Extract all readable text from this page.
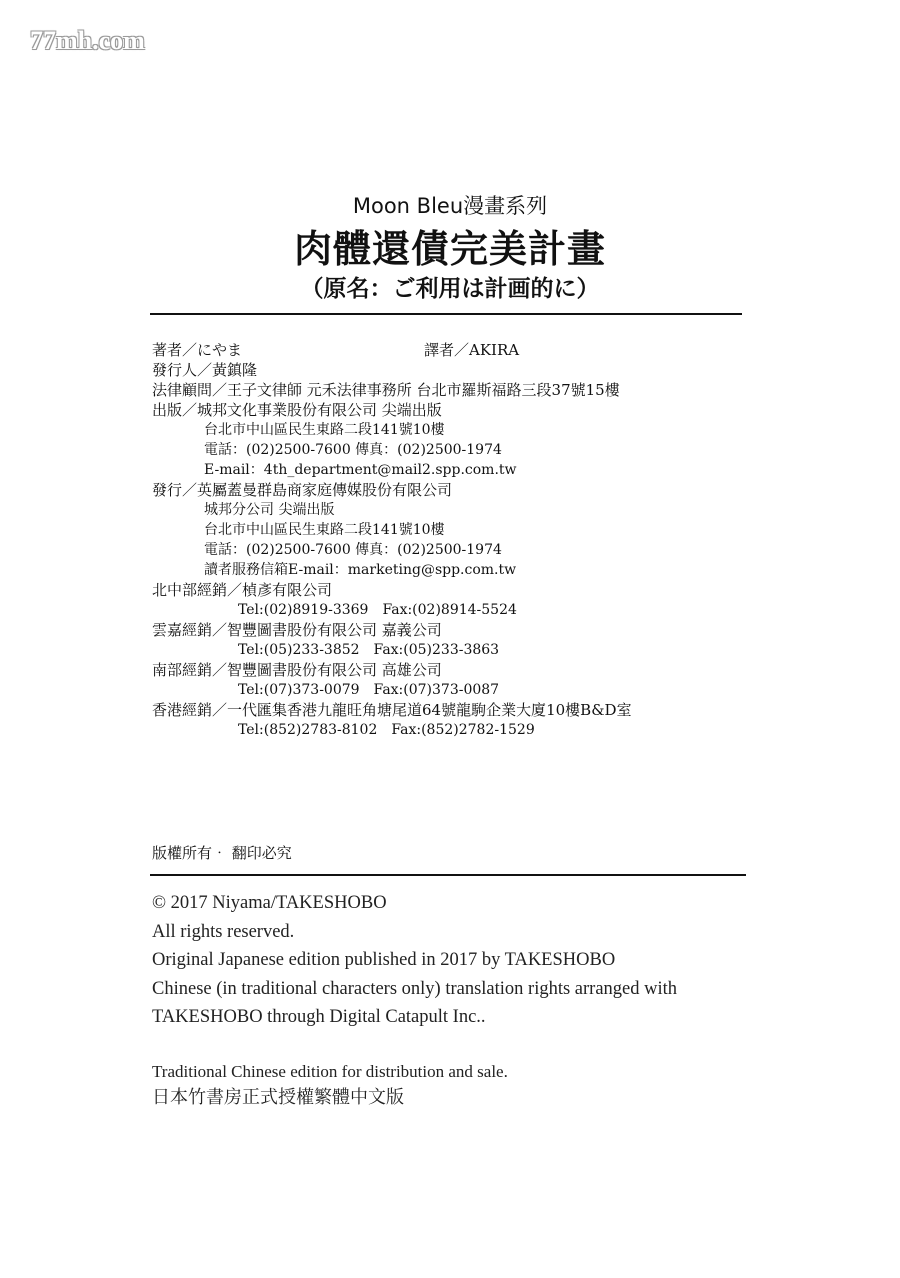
77mh.com
Moon Bleu漫畫系列
肉體還債完美計畫
（原名：ご利用は計画的に）
著者／にやま	譯者／AKIRA
發行人／黃鎮隆
法律顧問／王子文律師 元禾法律事務所 台北市羅斯福路三段37號15樓
出版／城邦文化事業股份有限公司 尖端出版
台北市中山區民生東路二段141號10樓
電話：(02)2500-7600 傳真：(02)2500-1974
E-mail：4th_department@mail2.spp.com.tw
發行／英屬蓋曼群島商家庭傳媒股份有限公司
城邦分公司 尖端出版
台北市中山區民生東路二段141號10樓
電話：(02)2500-7600 傳真：(02)2500-1974
讀者服務信箱E-mail：marketing@spp.com.tw
北中部經銷／楨彥有限公司
Tel:(02)8919-3369　Fax:(02)8914-5524
雲嘉經銷／智豐圖書股份有限公司 嘉義公司
Tel:(05)233-3852　Fax:(05)233-3863
南部經銷／智豐圖書股份有限公司 高雄公司
Tel:(07)373-0079　Fax:(07)373-0087
香港經銷／一代匯集香港九龍旺角塘尾道64號龍駒企業大廈10樓B&D室
Tel:(852)2783-8102　Fax:(852)2782-1529
版權所有‧ 翻印必究
© 2017 Niyama/TAKESHOBO
All rights reserved.
Original Japanese edition published in 2017 by TAKESHOBO
Chinese (in traditional characters only) translation rights arranged with
TAKESHOBO through Digital Catapult Inc..
Traditional Chinese edition for distribution and sale.
日本竹書房正式授權繁體中文版
